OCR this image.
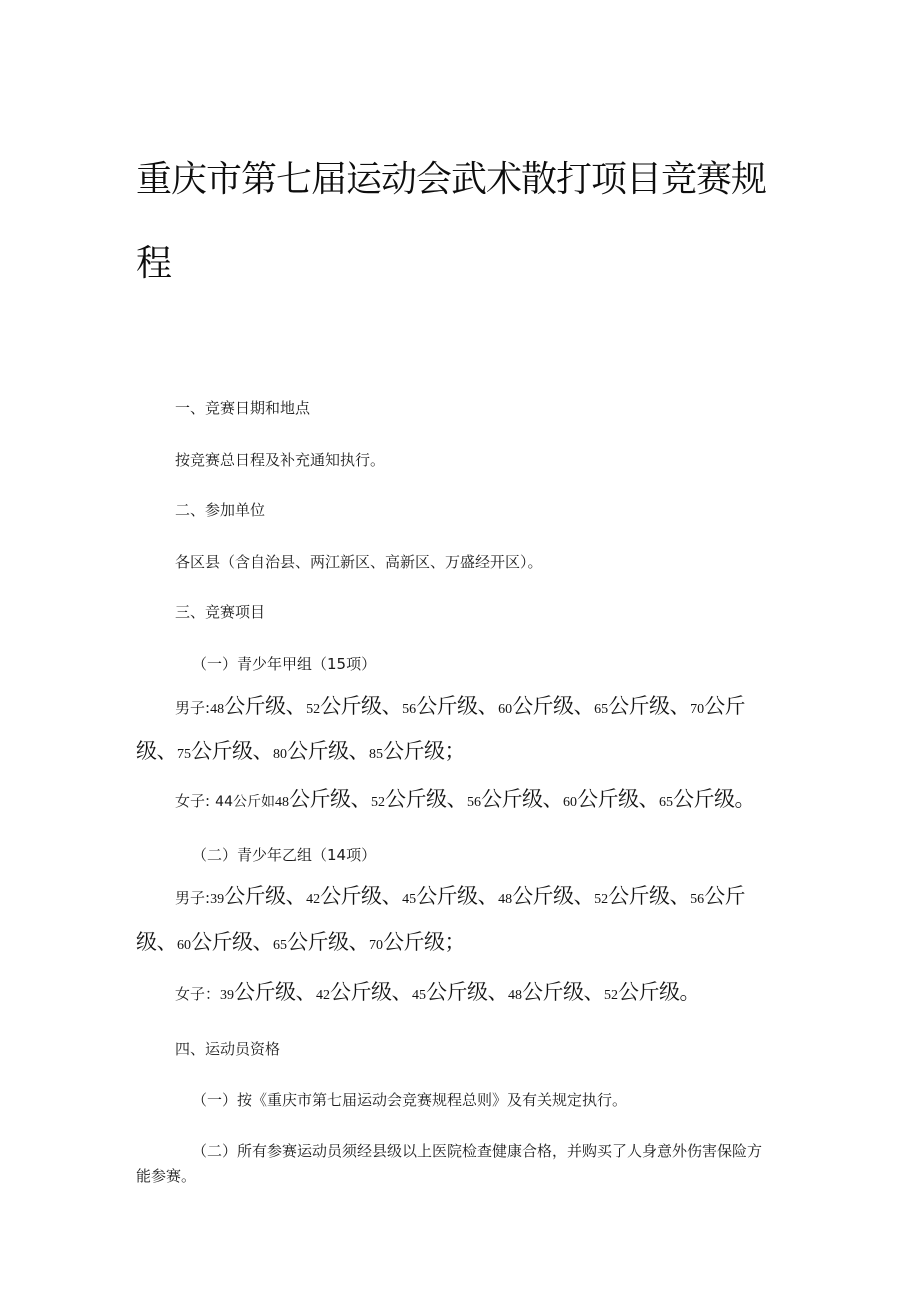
重庆市第七届运动会武术散打项目竞赛规
程
一、竞赛日期和地点
按竞赛总日程及补充通知执行。
二、参加单位
各区县（含自治县、两江新区、高新区、万盛经开区）。
三、竞赛项目
（一）青少年甲组（15项）
男子:48公斤级、52公斤级、56公斤级、60公斤级、65公斤级、70公斤
级、75公斤级、80公斤级、85公斤级；
女子: 44公斤如48公斤级、52公斤级、56公斤级、60公斤级、65公斤级。
（二）青少年乙组（14项）
男子:39公斤级、42公斤级、45公斤级、48公斤级、52公斤级、56公斤
级、60公斤级、65公斤级、70公斤级；
女子：39公斤级、42公斤级、45公斤级、48公斤级、52公斤级。
四、运动员资格
（一）按《重庆市第七届运动会竞赛规程总则》及有关规定执行。
（二）所有参赛运动员须经县级以上医院检查健康合格，并购买了人身意外伤害保险方
能参赛。
